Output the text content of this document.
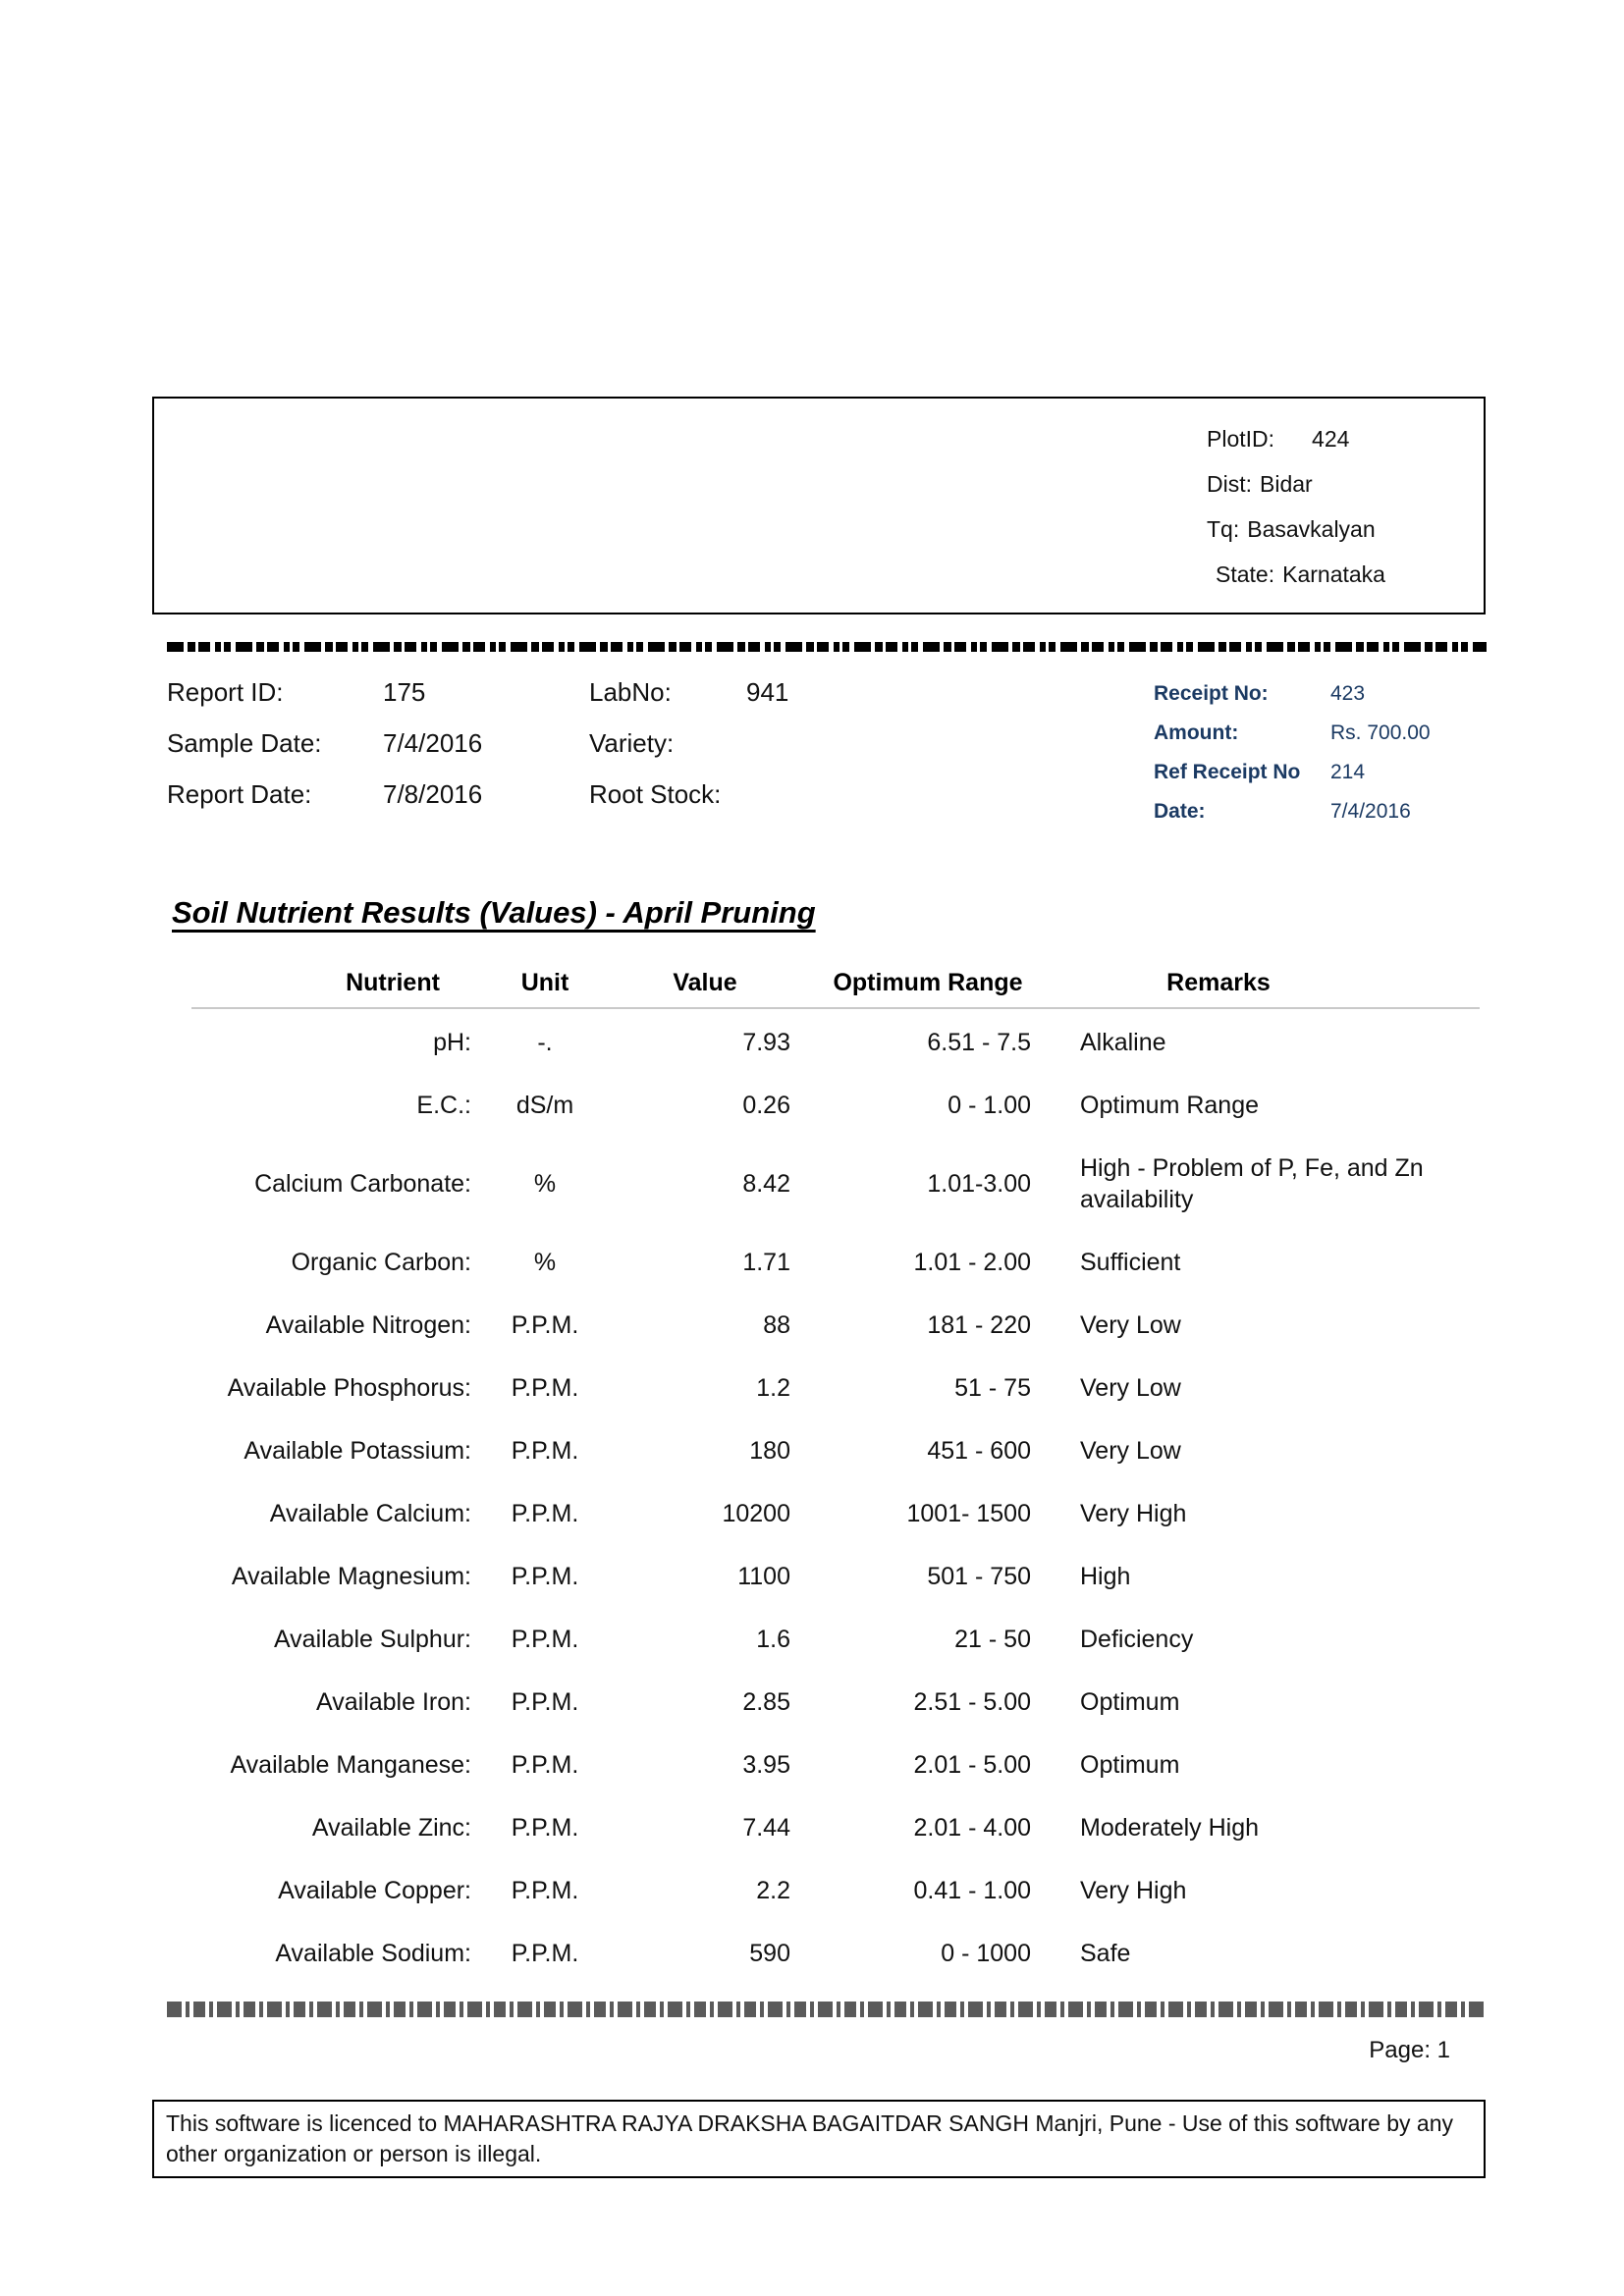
PlotID: 424
Dist: Bidar
Tq: Basavkalyan
State: Karnataka
Report ID:	175	LabNo:	941
Sample Date:	7/4/2016	Variety:
Report Date:	7/8/2016	Root Stock:
Receipt No:	423
Amount:	Rs. 700.00
Ref Receipt No	214
Date:	7/4/2016
Soil Nutrient Results (Values) - April Pruning
Nutrient	Unit	Value	Optimum Range	Remarks
pH:	-.	7.93	6.51 - 7.5 Alkaline
E.C.:	dS/m	0.26	0 - 1.00 Optimum Range
Calcium Carbonate:	%	8.42	1.01-3.00
High - Problem of P, Fe, and Zn availability
Organic Carbon:	%	1.71	1.01 - 2.00 Sufficient
Available Nitrogen:	P.P.M.	88	181 - 220 Very Low
Available Phosphorus:	P.P.M.	1.2	51 - 75 Very Low
Available Potassium:	P.P.M.	180	451 - 600 Very Low
Available Calcium:	P.P.M.	10200	1001- 1500 Very High
Available Magnesium:	P.P.M.	1100	501 - 750 High
Available Sulphur:	P.P.M.	1.6	21 - 50 Deficiency
Available Iron:	P.P.M.	2.85	2.51 - 5.00 Optimum
Available Manganese:	P.P.M.	3.95	2.01 - 5.00 Optimum
Available Zinc:	P.P.M.	7.44	2.01 - 4.00 Moderately High
Available Copper:	P.P.M.	2.2	0.41 - 1.00 Very High
Available Sodium:	P.P.M.	590	0 - 1000 Safe
Page: 1
This software is licenced to MAHARASHTRA RAJYA DRAKSHA BAGAITDAR SANGH Manjri, Pune - Use of this software by any other organization or person is illegal.
